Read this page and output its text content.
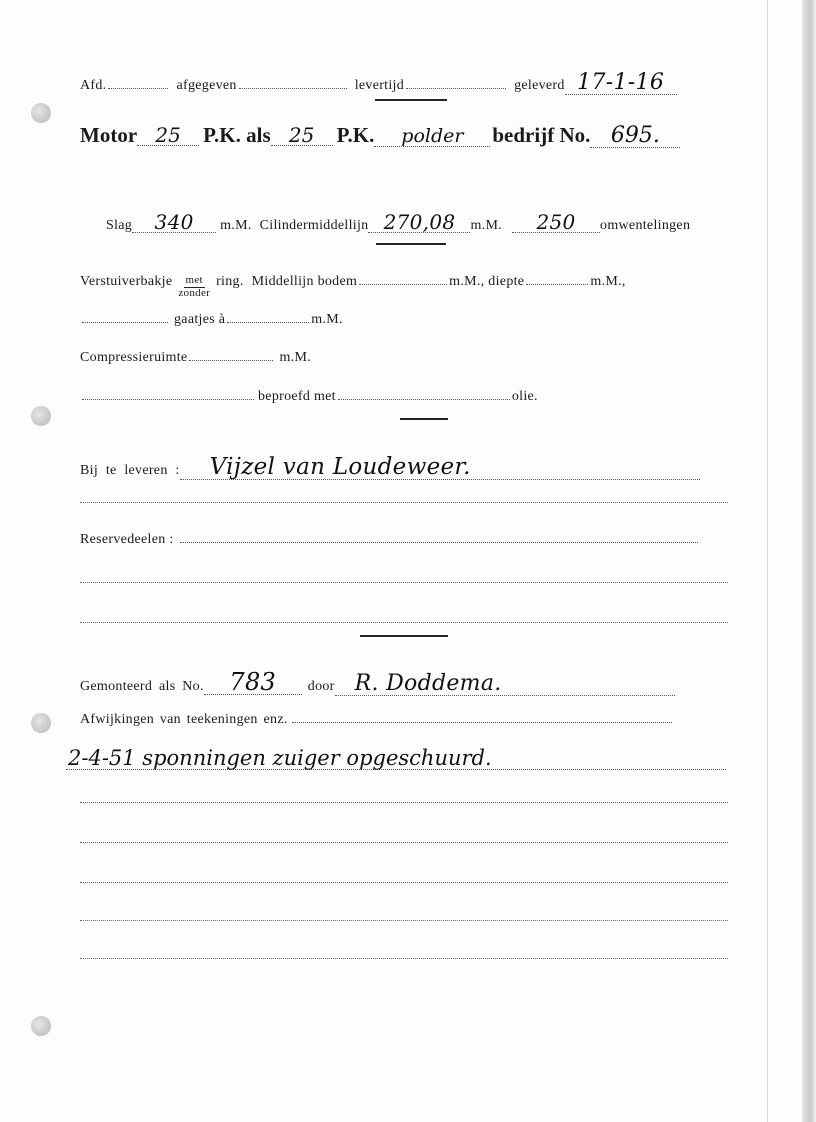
Afd.	afgegeven	levertijd	geleverd 17-1-16
Motor 25	P.K. als 25	P.K.	polder	bedrijf No. 695.
Slag	340	m.M. Cilindermiddellijn 270,08	m.M.	250	omwentelingen
Verstuiverbakje $\frac{\text{met}}{\text{zonder}}$ ring. Middellijn bodem	m.M., diepte	m.M.,
gaatjes à	m.M.
Compressieruimte	m.M.
beproefd met	olie.
Bij te leveren :	Vijzel van Loudeweer.
Reservedeelen :
Gemonteerd als No.	783	door R. Doddema.
Afwijkingen van teekeningen enz.
2-4-51 sponningen zuiger opgeschuurd.
